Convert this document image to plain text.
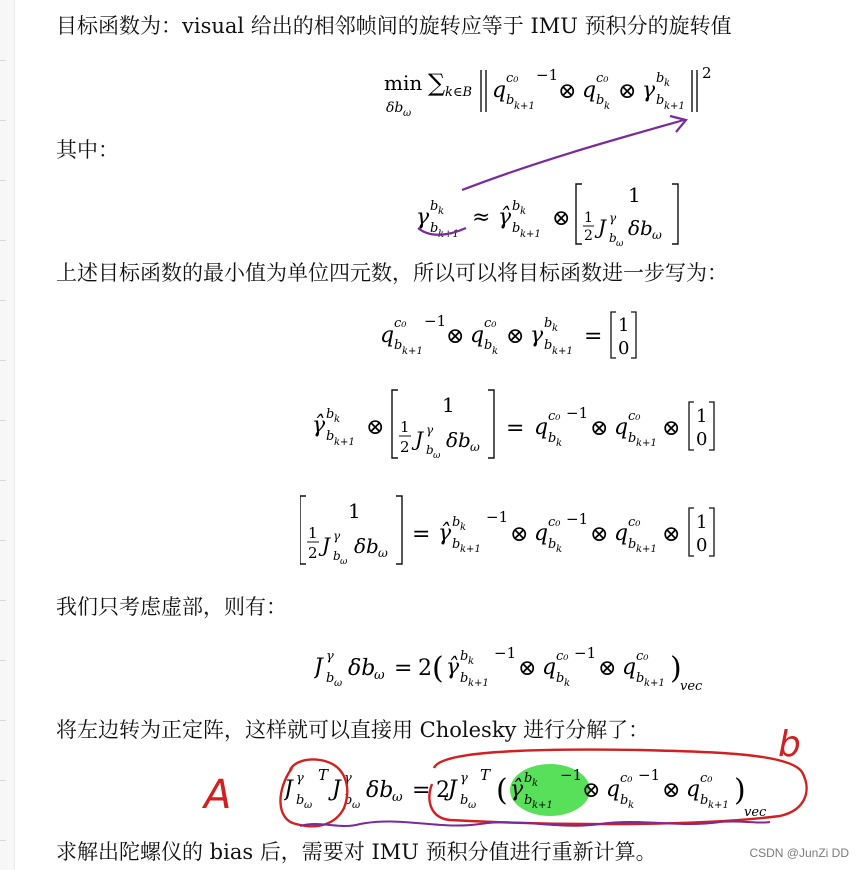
目标函数为：visual 给出的相邻帧间的旋转应等于 IMU 预积分的旋转值
其中：
上述目标函数的最小值为单位四元数，所以可以将目标函数进一步写为：
我们只考虑虚部，则有：
将左边转为正定阵，这样就可以直接用 Cholesky 进行分解了：
求解出陀螺仪的 bias 后，需要对 IMU 预积分值进行重新计算。
min
δb ω
∑ k∈B q c₀
b k+1
−1
⊗ q c₀
b k
⊗ γ b k
b k+1
2
γ b k
b k+1
≈ γ̂ b k
b k+1
⊗
1
1
2 J γ
b ω
δb ω
q c₀
b k+1
−1
⊗ q c₀
b k
⊗ γ b k
b k+1
= 1
0
γ̂ b k
b k+1
⊗
1
1
2 J γ
b ω
δb ω
= q c₀
b k
−1
⊗ q c₀
b k+1
⊗ 1
0
1
1
2 J γ
b ω
δb ω
= γ̂ b k
b k+1
−1
⊗ q c₀
b k
−1
⊗ q c₀
b k+1
⊗ 1
0
J γ
b ω
δb
ω = 2 ( γ̂ b k
b k+1
−1
⊗ q c₀
b k
−1
⊗ q c₀
b k+1 )
vec
J γ
b ω
T
J γ
b ω
δb
ω = 2
J γ
b ω
T ( γ̂ b k
b k+1
−1
⊗ q c₀
b k
−1
⊗ q c₀
b k+1 )
vec
A
b
CSDN @JunZi DD
